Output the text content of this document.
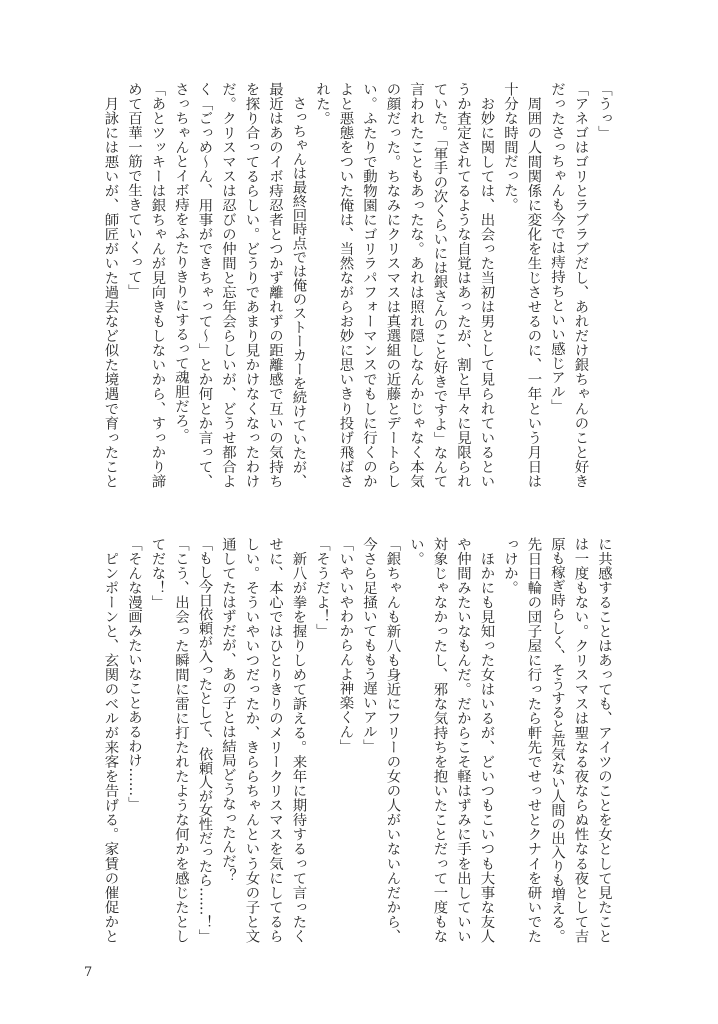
「うっ」
「アネゴはゴリとラブラブだし、あれだけ銀ちゃんのこと好き
だったさっちゃんも今では痔持ちといい感じアル」
　周囲の人間関係に変化を生じさせるのに、一年という月日は
十分な時間だった。
　お妙に関しては、出会った当初は男として見られているとい
うか査定されてるような自覚はあったが、割と早々に見限られ
ていた。「軍手の次くらいには銀さんのこと好きですよ」なんて
言われたこともあったな。あれは照れ隠しなんかじゃなく本気
の顔だった。ちなみにクリスマスは真選組の近藤とデートらし
い。ふたりで動物園にゴリラパフォーマンスでもしに行くのか
よと悪態をついた俺は、当然ながらお妙に思いきり投げ飛ばさ
れた。
　さっちゃんは最終回時点では俺のストーカーを続けていたが、
最近はあのイボ痔忍者とつかず離れずの距離感で互いの気持ち
を探り合ってるらしい。どうりであまり見かけなくなったわけ
だ。クリスマスは忍びの仲間と忘年会らしいが、どうせ都合よ
く「ごっめ〜ん、用事ができちゃって〜」とか何とか言って、
さっちゃんとイボ痔をふたりきりにするって魂胆だろ。
「あとツッキーは銀ちゃんが見向きもしないから、すっかり諦
めて百華一筋で生きていくって」
　月詠には悪いが、師匠がいた過去など似た境遇で育ったこと
に共感することはあっても、アイツのことを女として見たこと
は一度もない。クリスマスは聖なる夜ならぬ性なる夜として吉
原も稼ぎ時らしく、そうすると荒気ない人間の出入りも増える。
先日日輪の団子屋に行ったら軒先でせっせとクナイを研いでた
っけか。
　ほかにも見知った女はいるが、どいつもこいつも大事な友人
や仲間みたいなもんだ。だからこそ軽はずみに手を出していい
対象じゃなかったし、邪な気持ちを抱いたことだって一度もな
い。
「銀ちゃんも新八も身近にフリーの女の人がいないんだから、
今さら足掻いてももう遅いアル」
「いやいやわからんよ神楽くん」
「そうだよ！」
　新八が拳を握りしめて訴える。来年に期待するって言ったく
せに、本心ではひとりきりのメリークリスマスを気にしてるら
しい。そういやいつだったか、きららちゃんという女の子と文
通してたはずだが、あの子とは結局どうなったんだ？
「もし今日依頼が入ったとして、依頼人が女性だったら……！」
「こう、出会った瞬間に雷に打たれたような何かを感じたとし
てだな！」
「そんな漫画みたいなことあるわけ……」
　ピンポーンと、玄関のベルが来客を告げる。家賃の催促かと
7
